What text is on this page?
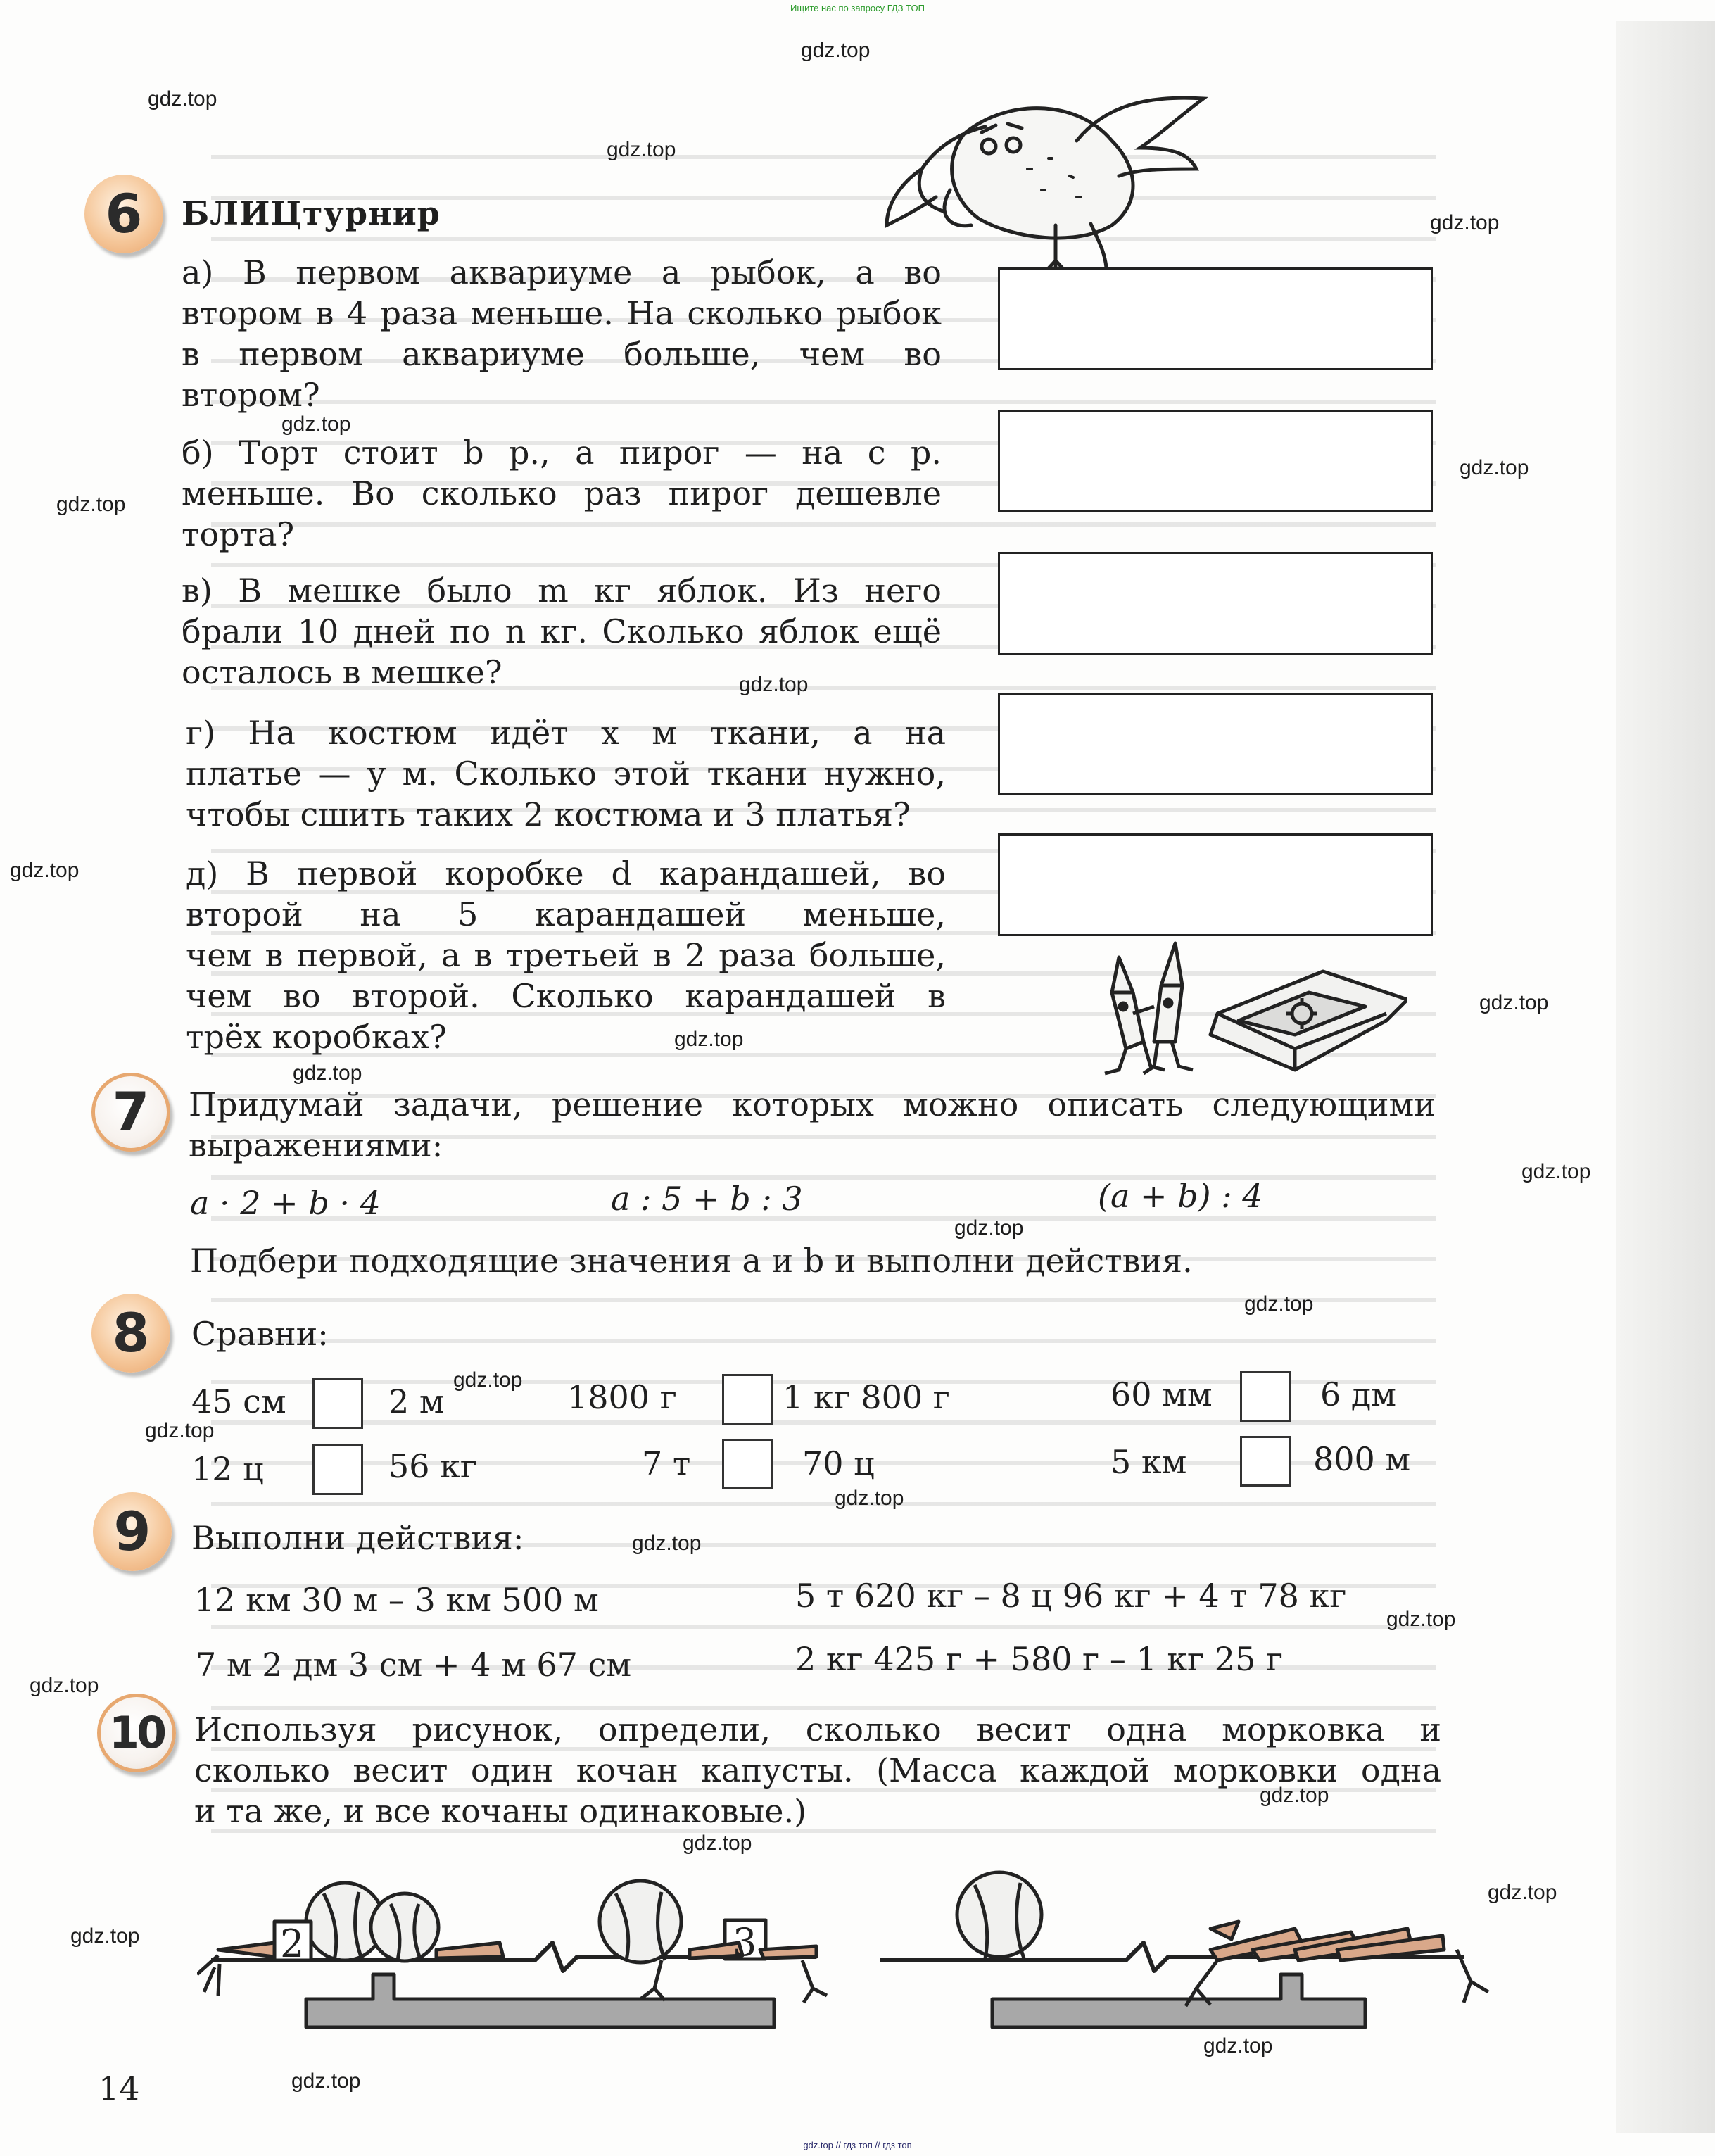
Ищите нас по запросу ГДЗ ТОП
gdz.top // гдз топ // гдз топ
gdz.top
gdz.top
gdz.top
gdz.top
gdz.top
gdz.top
gdz.top
gdz.top
gdz.top
gdz.top
gdz.top
gdz.top
gdz.top
gdz.top
gdz.top
gdz.top
gdz.top
gdz.top
gdz.top
gdz.top
gdz.top
gdz.top
gdz.top
gdz.top
gdz.top
gdz.top
gdz.top
6	БЛИЦтурнир
а) В первом аквариуме а рыбок, а во
втором в 4 раза меньше. На сколько рыбок
в первом аквариуме больше, чем во
втором?
б) Торт стоит b р., а пирог — на с р.
меньше. Во сколько раз пирог дешевле
торта?
в) В мешке было m кг яблок. Из него
брали 10 дней по n кг. Сколько яблок ещё
осталось в мешке?
г) На костюм идёт x м ткани, а на
платье — y м. Сколько этой ткани нужно,
чтобы сшить таких 2 костюма и 3 платья?
д) В первой коробке d карандашей, во
второй на 5 карандашей меньше,
чем в первой, а в третьей в 2 раза больше,
чем во второй. Сколько карандашей в
трёх коробках?
7	Придумай задачи, решение которых можно описать следующими
выражениями:
a · 2 + b · 4	a : 5 + b : 3	(a + b) : 4
Подбери подходящие значения a и b и выполни действия.
8	Сравни:
45 см	2 м	1800 г	1 кг 800 г	60 мм	6 дм
12 ц	56 кг	7 т	70 ц	5 км	800 м
9	Выполни действия:
12 км 30 м – 3 км 500 м	5 т 620 кг – 8 ц 96 кг + 4 т 78 кг
7 м 2 дм 3 см + 4 м 67 см	2 кг 425 г + 580 г – 1 кг 25 г
10 Используя рисунок, определи, сколько весит одна морковка и
сколько весит один кочан капусты. (Масса каждой морковки одна
и та же, и все кочаны одинаковые.)
2	3
14
